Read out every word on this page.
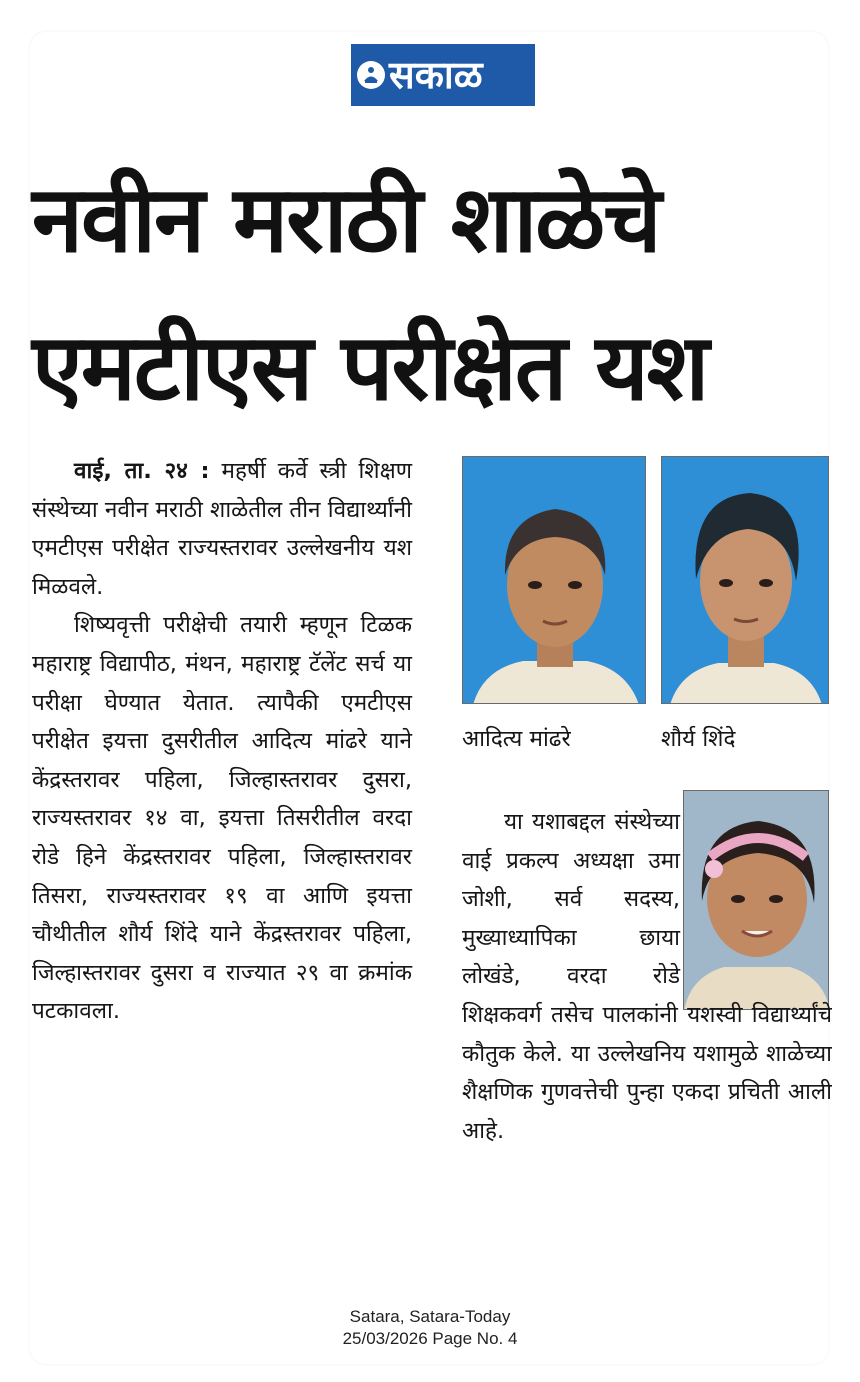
सकाळ
नवीन मराठी शाळेचे
एमटीएस परीक्षेत यश

वाई, ता. २४ : महर्षी कर्वे स्त्री शिक्षण संस्थेच्या नवीन मराठी शाळेतील तीन विद्यार्थ्यांनी एमटीएस परीक्षेत राज्यस्तरावर उल्लेखनीय यश मिळवले.

शिष्यवृत्ती परीक्षेची तयारी म्हणून टिळक महाराष्ट्र विद्यापीठ, मंथन, महाराष्ट्र टॅलेंट सर्च या परीक्षा घेण्यात येतात. त्यापैकी एमटीएस परीक्षेत इयत्ता दुसरीतील आदित्य मांढरे याने केंद्रस्तरावर पहिला, जिल्हास्तरावर दुसरा, राज्यस्तरावर १४ वा, इयत्ता तिसरीतील वरदा रोडे हिने केंद्रस्तरावर पहिला, जिल्हास्तरावर तिसरा, राज्यस्तरावर १९ वा आणि इयत्ता चौथीतील शौर्य शिंदे याने केंद्रस्तरावर पहिला, जिल्हास्तरावर दुसरा व राज्यात २९ वा क्रमांक पटकावला.

आदित्य मांढरे	शौर्य शिंदे

या यशाबद्दल संस्थेच्या वाई प्रकल्प अध्यक्षा उमा जोशी, सर्व सदस्य, मुख्याध्यापिका छाया लोखंडे, वरदा रोडे शिक्षकवर्ग तसेच पालकांनी यशस्वी विद्यार्थ्यांचे कौतुक केले. या उल्लेखनिय यशामुळे शाळेच्या शैक्षणिक गुणवत्तेची पुन्हा एकदा प्रचिती आली आहे.

Satara, Satara-Today
25/03/2026 Page No. 4
